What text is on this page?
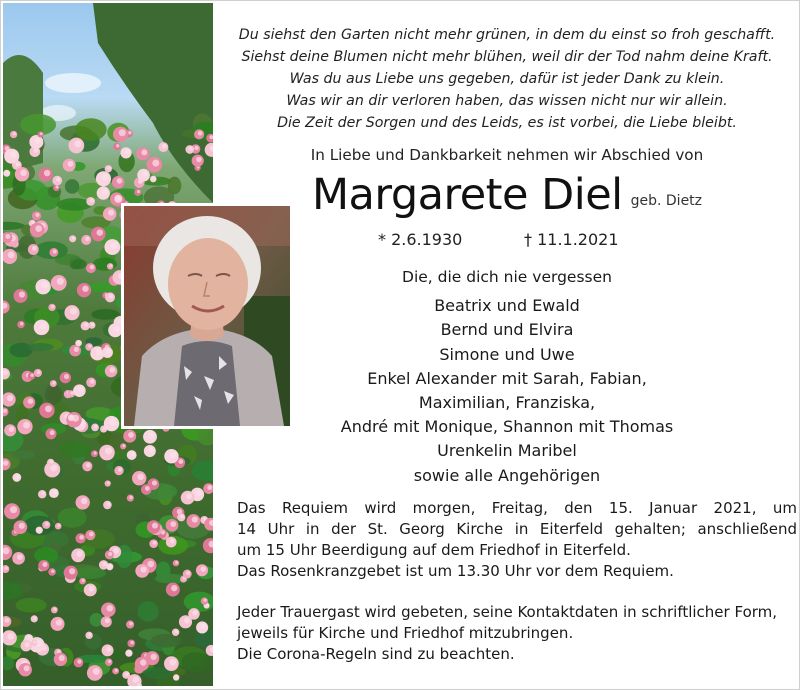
Du siehst den Garten nicht mehr grünen, in dem du einst so froh geschafft.
Siehst deine Blumen nicht mehr blühen, weil dir der Tod nahm deine Kraft.
Was du aus Liebe uns gegeben, dafür ist jeder Dank zu klein.
Was wir an dir verloren haben, das wissen nicht nur wir allein.
Die Zeit der Sorgen und des Leids, es ist vorbei, die Liebe bleibt.
In Liebe und Dankbarkeit nehmen wir Abschied von
Margarete Diel geb. Dietz
* 2.6.1930	† 11.1.2021
Die, die dich nie vergessen
Beatrix und Ewald
Bernd und Elvira
Simone und Uwe
Enkel Alexander mit Sarah, Fabian,
Maximilian, Franziska,
André mit Monique, Shannon mit Thomas
Urenkelin Maribel
sowie alle Angehörigen
Das Requiem wird morgen, Freitag, den 15. Januar 2021, um
14 Uhr in der St. Georg Kirche in Eiterfeld gehalten; anschließend
um 15 Uhr Beerdigung auf dem Friedhof in Eiterfeld.
Das Rosenkranzgebet ist um 13.30 Uhr vor dem Requiem.
Jeder Trauergast wird gebeten, seine Kontaktdaten in schriftlicher Form,
jeweils für Kirche und Friedhof mitzubringen.
Die Corona-Regeln sind zu beachten.
